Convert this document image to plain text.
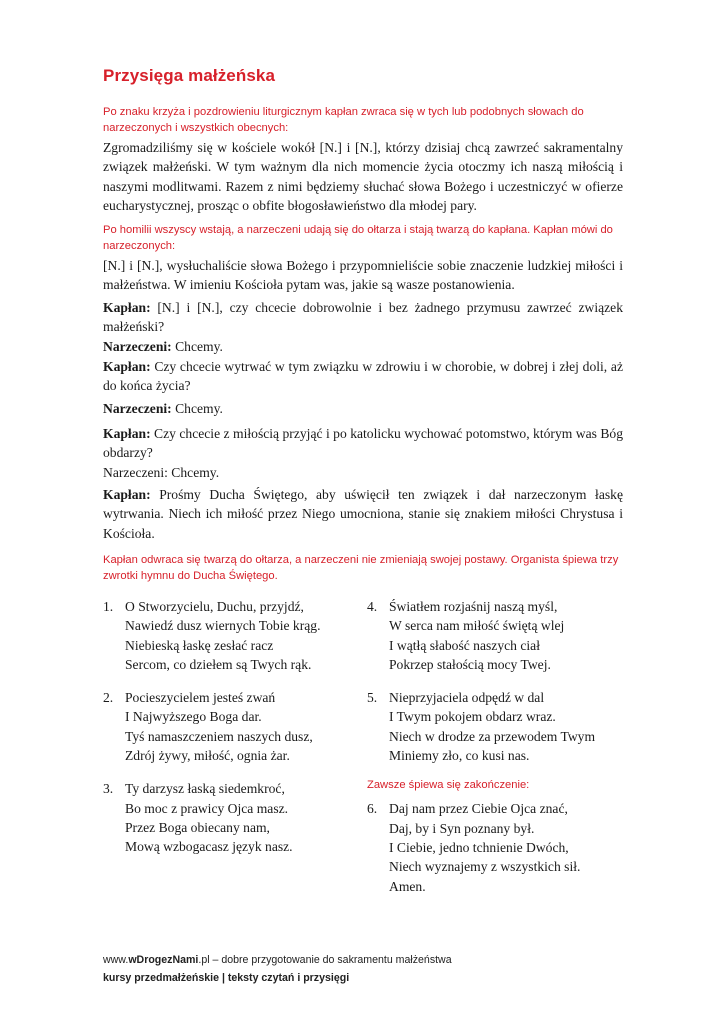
Przysięga małżeńska
Po znaku krzyża i pozdrowieniu liturgicznym kapłan zwraca się w tych lub podobnych słowach do narzeczonych i wszystkich obecnych:
Zgromadziliśmy się w kościele wokół [N.] i [N.], którzy dzisiaj chcą zawrzeć sakramentalny związek małżeński. W tym ważnym dla nich momencie życia otoczmy ich naszą miłością i naszymi modlitwami. Razem z nimi będziemy słuchać słowa Bożego i uczestniczyć w ofierze eucharystycznej, prosząc o obfite błogosławieństwo dla młodej pary.
Po homilii wszyscy wstają, a narzeczeni udają się do ołtarza i stają twarzą do kapłana. Kapłan mówi do narzeczonych:
[N.] i [N.], wysłuchaliście słowa Bożego i przypomnieliście sobie znaczenie ludzkiej miłości i małżeństwa. W imieniu Kościoła pytam was, jakie są wasze postanowienia.
Kapłan: [N.] i [N.], czy chcecie dobrowolnie i bez żadnego przymusu zawrzeć związek małżeński?
Narzeczeni: Chcemy.
Kapłan: Czy chcecie wytrwać w tym związku w zdrowiu i w chorobie, w dobrej i złej doli, aż do końca życia?
Narzeczeni: Chcemy.
Kapłan: Czy chcecie z miłością przyjąć i po katolicku wychować potomstwo, którym was Bóg obdarzy?
Narzeczeni: Chcemy.
Kapłan: Prośmy Ducha Świętego, aby uświęcił ten związek i dał narzeczonym łaskę wytrwania. Niech ich miłość przez Niego umocniona, stanie się znakiem miłości Chrystusa i Kościoła.
Kapłan odwraca się twarzą do ołtarza, a narzeczeni nie zmieniają swojej postawy. Organista śpiewa trzy zwrotki hymnu do Ducha Świętego.
1. O Stworzycielu, Duchu, przyjdź,
Nawiedź dusz wiernych Tobie krąg.
Niebieską łaskę zesłać racz
Sercom, co dziełem są Twych rąk.
2. Pocieszycielem jesteś zwań
I Najwyższego Boga dar.
Tyś namaszczeniem naszych dusz,
Zdrój żywy, miłość, ognia żar.
3. Ty darzysz łaską siedemkroć,
Bo moc z prawicy Ojca masz.
Przez Boga obiecany nam,
Mową wzbogacasz język nasz.
4. Światłem rozjaśnij naszą myśl,
W serca nam miłość świętą wlej
I wątłą słabość naszych ciał
Pokrzep stałością mocy Twej.
5. Nieprzyjaciela odpędź w dal
I Twym pokojem obdarz wraz.
Niech w drodze za przewodem Twym
Miniemy zło, co kusi nas.
Zawsze śpiewa się zakończenie:
6. Daj nam przez Ciebie Ojca znać,
Daj, by i Syn poznany był.
I Ciebie, jedno tchnienie Dwóch,
Niech wyznajemy z wszystkich sił.
Amen.
www.wDrogezNami.pl – dobre przygotowanie do sakramentu małżeństwa
kursy przedmałżeńskie | teksty czytań i przysięgi
